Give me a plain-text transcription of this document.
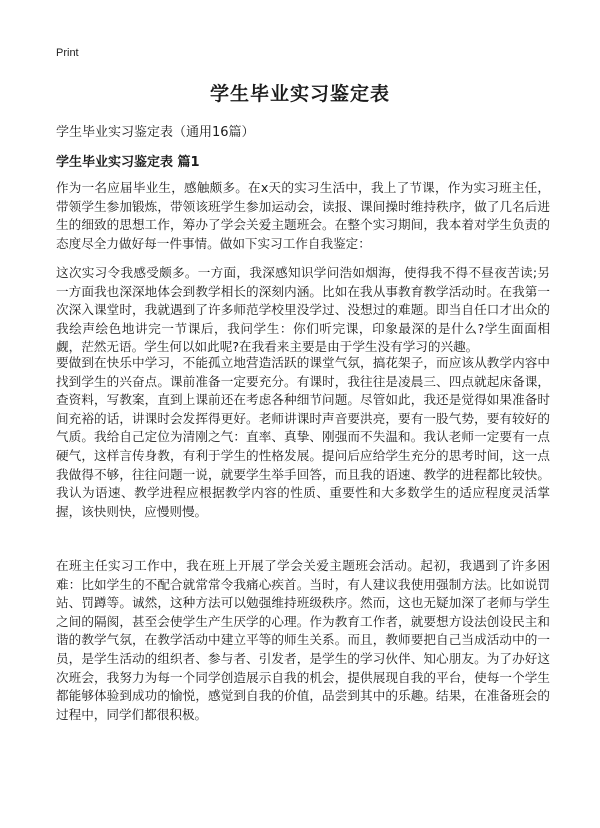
Print
学生毕业实习鉴定表
学生毕业实习鉴定表（通用16篇）
学生毕业实习鉴定表 篇1

作为一名应届毕业生，感触颇多。在x天的实习生活中，我上了节课，作为实习班主任，带领学生参加锻炼，带领该班学生参加运动会，读报、课间操时维持秩序，做了几名后进生的细致的思想工作，筹办了学会关爱主题班会。在整个实习期间，我本着对学生负责的态度尽全力做好每一件事情。做如下实习工作自我鉴定：

这次实习令我感受颇多。一方面，我深感知识学问浩如烟海，使得我不得不昼夜苦读;另一方面我也深深地体会到教学相长的深刻内涵。比如在我从事教育教学活动时。在我第一次深入课堂时，我就遇到了许多师范学校里没学过、没想过的难题。即当自任口才出众的我绘声绘色地讲完一节课后，我问学生：你们听完课，印象最深的是什么?学生面面相觑，茫然无语。学生何以如此呢?在我看来主要是由于学生没有学习的兴趣。

要做到在快乐中学习，不能孤立地营造活跃的课堂气氛，搞花架子，而应该从教学内容中找到学生的兴奋点。课前准备一定要充分。有课时，我往往是凌晨三、四点就起床备课，查资料，写教案，直到上课前还在考虑各种细节问题。尽管如此，我还是觉得如果准备时间充裕的话，讲课时会发挥得更好。老师讲课时声音要洪亮，要有一股气势，要有较好的气质。我给自己定位为清刚之气：直率、真挚、刚强而不失温和。我认老师一定要有一点硬气，这样言传身教，有利于学生的性格发展。提问后应给学生充分的思考时间，这一点我做得不够，往往问题一说，就要学生举手回答，而且我的语速、教学的进程都比较快。我认为语速、教学进程应根据教学内容的性质、重要性和大多数学生的适应程度灵活掌握，该快则快，应慢则慢。

在班主任实习工作中，我在班上开展了学会关爱主题班会活动。起初，我遇到了许多困难：比如学生的不配合就常常令我痛心疾首。当时，有人建议我使用强制方法。比如说罚站、罚蹲等。诚然，这种方法可以勉强维持班级秩序。然而，这也无疑加深了老师与学生之间的隔阂，甚至会使学生产生厌学的心理。作为教育工作者，就要想方设法创设民主和谐的教学气氛，在教学活动中建立平等的师生关系。而且，教师要把自己当成活动中的一员，是学生活动的组织者、参与者、引发者，是学生的学习伙伴、知心朋友。为了办好这次班会，我努力为每一个同学创造展示自我的机会，提供展现自我的平台，使每一个学生都能够体验到成功的愉悦，感觉到自我的价值，品尝到其中的乐趣。结果，在准备班会的过程中，同学们都很积极。
